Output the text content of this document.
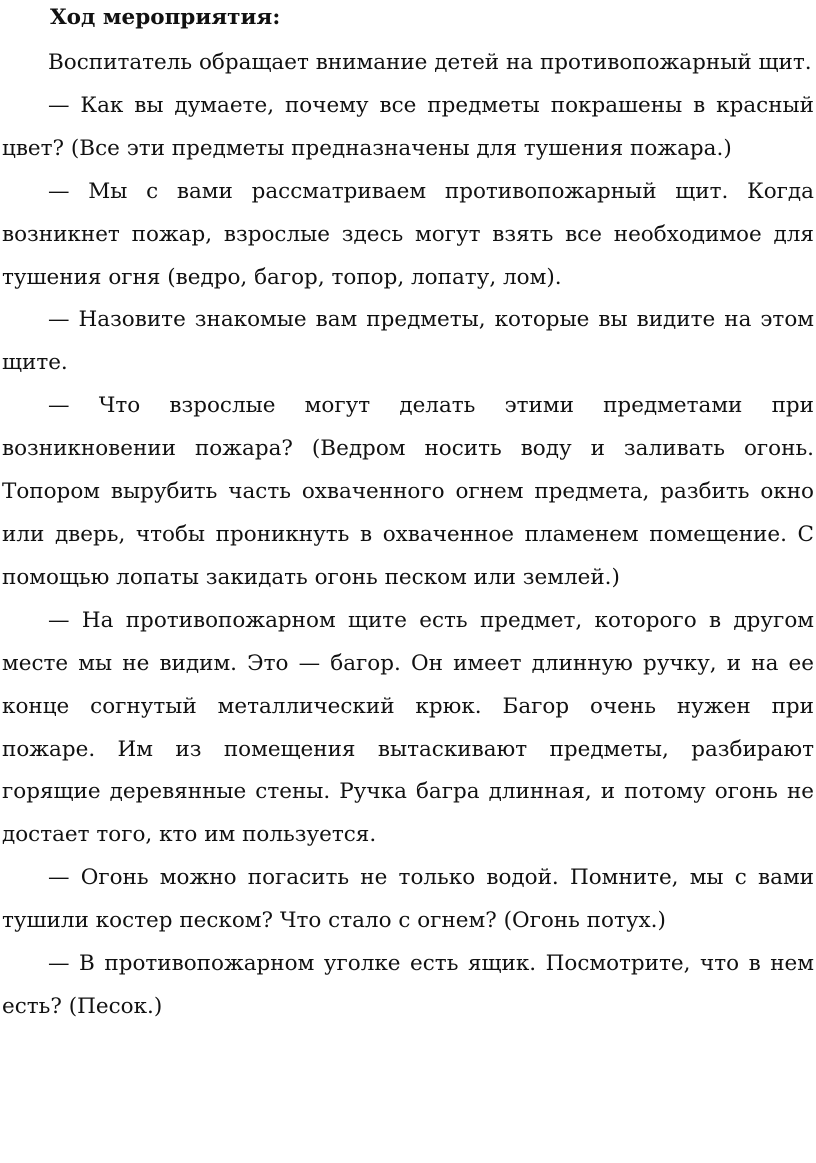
Ход мероприятия:

Воспитатель обращает внимание детей на противопожарный щит.

— Как вы думаете, почему все предметы покрашены в красный цвет? (Все эти предметы предназначены для тушения пожара.)

— Мы с вами рассматриваем противопожарный щит. Когда возникнет пожар, взрослые здесь могут взять все необходимое для тушения огня (ведро, багор, топор, лопату, лом).

— Назовите знакомые вам предметы, которые вы видите на этом щите.

— Что взрослые могут делать этими предметами при возникновении пожара? (Ведром носить воду и заливать огонь. Топором вырубить часть охваченного огнем предмета, разбить окно или дверь, чтобы проникнуть в охваченное пламенем помещение. С помощью лопаты закидать огонь песком или землей.)

— На противопожарном щите есть предмет, которого в другом месте мы не видим. Это — багор. Он имеет длинную ручку, и на ее конце согнутый металлический крюк. Багор очень нужен при пожаре. Им из помещения вытаскивают предметы, разбирают горящие деревянные стены. Ручка багра длинная, и потому огонь не достает того, кто им пользуется.

— Огонь можно погасить не только водой. Помните, мы с вами тушили костер песком? Что стало с огнем? (Огонь потух.)

— В противопожарном уголке есть ящик. Посмотрите, что в нем есть? (Песок.)
